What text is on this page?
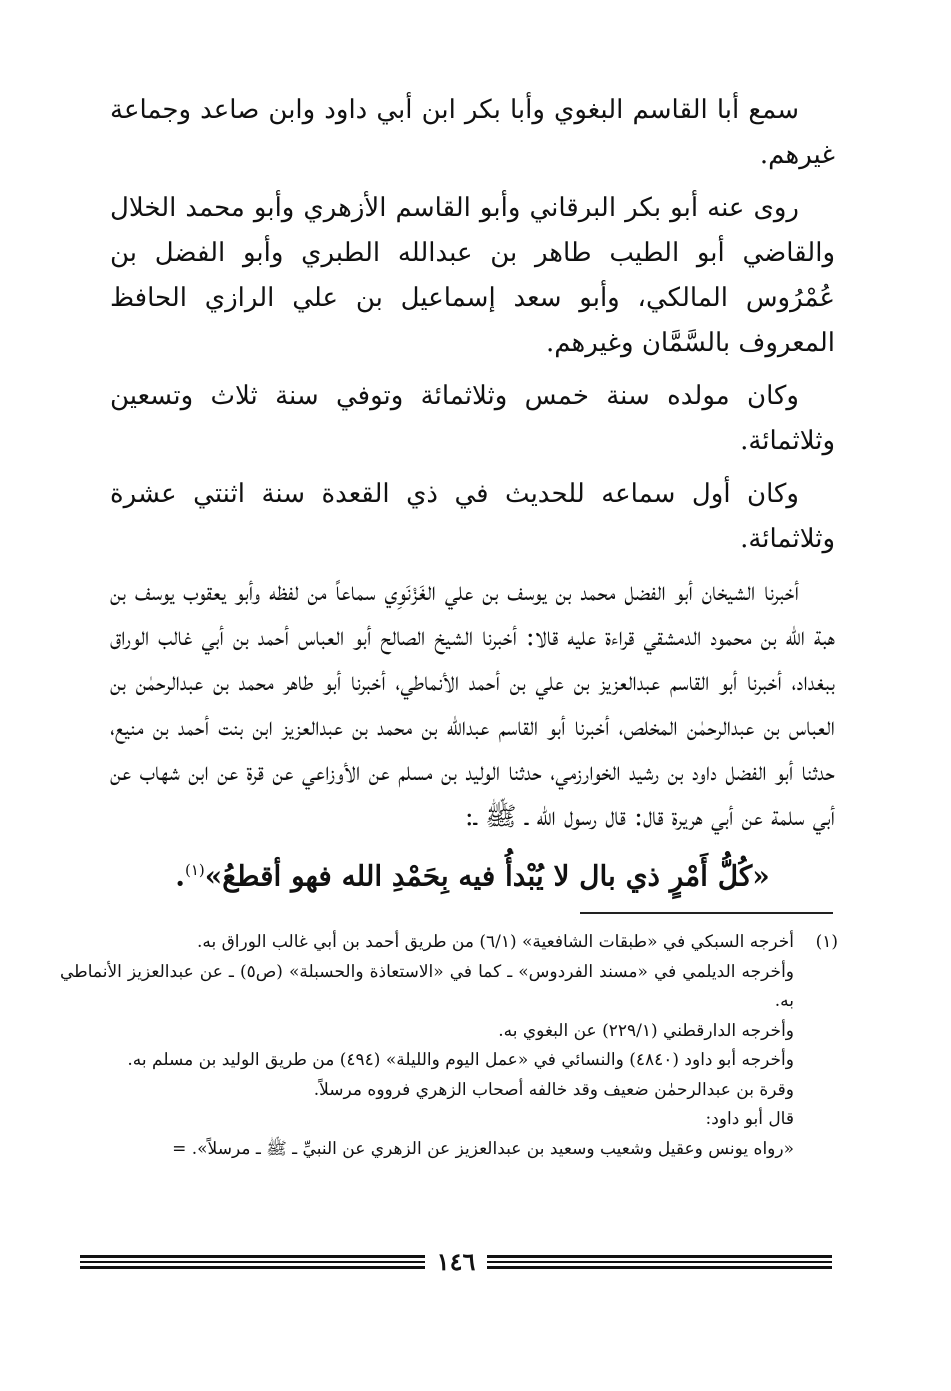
سمع أبا القاسم البغوي وأبا بكر ابن أبي داود وابن صاعد وجماعة غيرهم.

روى عنه أبو بكر البرقاني وأبو القاسم الأزهري وأبو محمد الخلال والقاضي أبو الطيب طاهر بن عبدالله الطبري وأبو الفضل بن عُمْرُوس المالكي، وأبو سعد إسماعيل بن علي الرازي الحافظ المعروف بالسَّمَّان وغيرهم.

وكان مولده سنة خمس وثلاثمائة وتوفي سنة ثلاث وتسعين وثلاثمائة.

وكان أول سماعه للحديث في ذي القعدة سنة اثنتي عشرة وثلاثمائة.

أخبرنا الشيخان أبو الفضل محمد بن يوسف بن علي الغَزْنَوِي سماعاً من لفظه وأبو يعقوب يوسف بن هبة الله بن محمود الدمشقي قراءة عليه قالا: أخبرنا الشيخ الصالح أبو العباس أحمد بن أبي غالب الوراق ببغداد، أخبرنا أبو القاسم عبدالعزيز بن علي بن أحمد الأنماطي، أخبرنا أبو طاهر محمد بن عبدالرحمٰن بن العباس بن عبدالرحمٰن المخلص، أخبرنا أبو القاسم عبدالله بن محمد بن عبدالعزيز ابن بنت أحمد بن منيع، حدثنا أبو الفضل داود بن رشيد الخوارزمي، حدثنا الوليد بن مسلم عن الأوزاعي عن قرة عن ابن شهاب عن أبي سلمة عن أبي هريرة قال: قال رسول الله ـ ﷺ ـ:

«كُلُّ أَمْرٍ ذي بال لا يُبْدأُ فيه بِحَمْدِ الله فهو أقطعُ»$^{(١)}$.

(١)
أخرجه السبكي في «طبقات الشافعية» (٦/١) من طريق أحمد بن أبي غالب الوراق به.
وأخرجه الديلمي في «مسند الفردوس» ـ كما في «الاستعاذة والحسبلة» (ص٥) ـ عن عبدالعزيز الأنماطي به.
وأخرجه الدارقطني (٢٢٩/١) عن البغوي به.
وأخرجه أبو داود (٤٨٤٠) والنسائي في «عمل اليوم والليلة» (٤٩٤) من طريق الوليد بن مسلم به.
وقرة بن عبدالرحمٰن ضعيف وقد خالفه أصحاب الزهري فرووه مرسلاً.
قال أبو داود:
«رواه يونس وعقيل وشعيب وسعيد بن عبدالعزيز عن الزهري عن النبيِّ ـ ﷺ ـ مرسلاً». =
١٤٦
